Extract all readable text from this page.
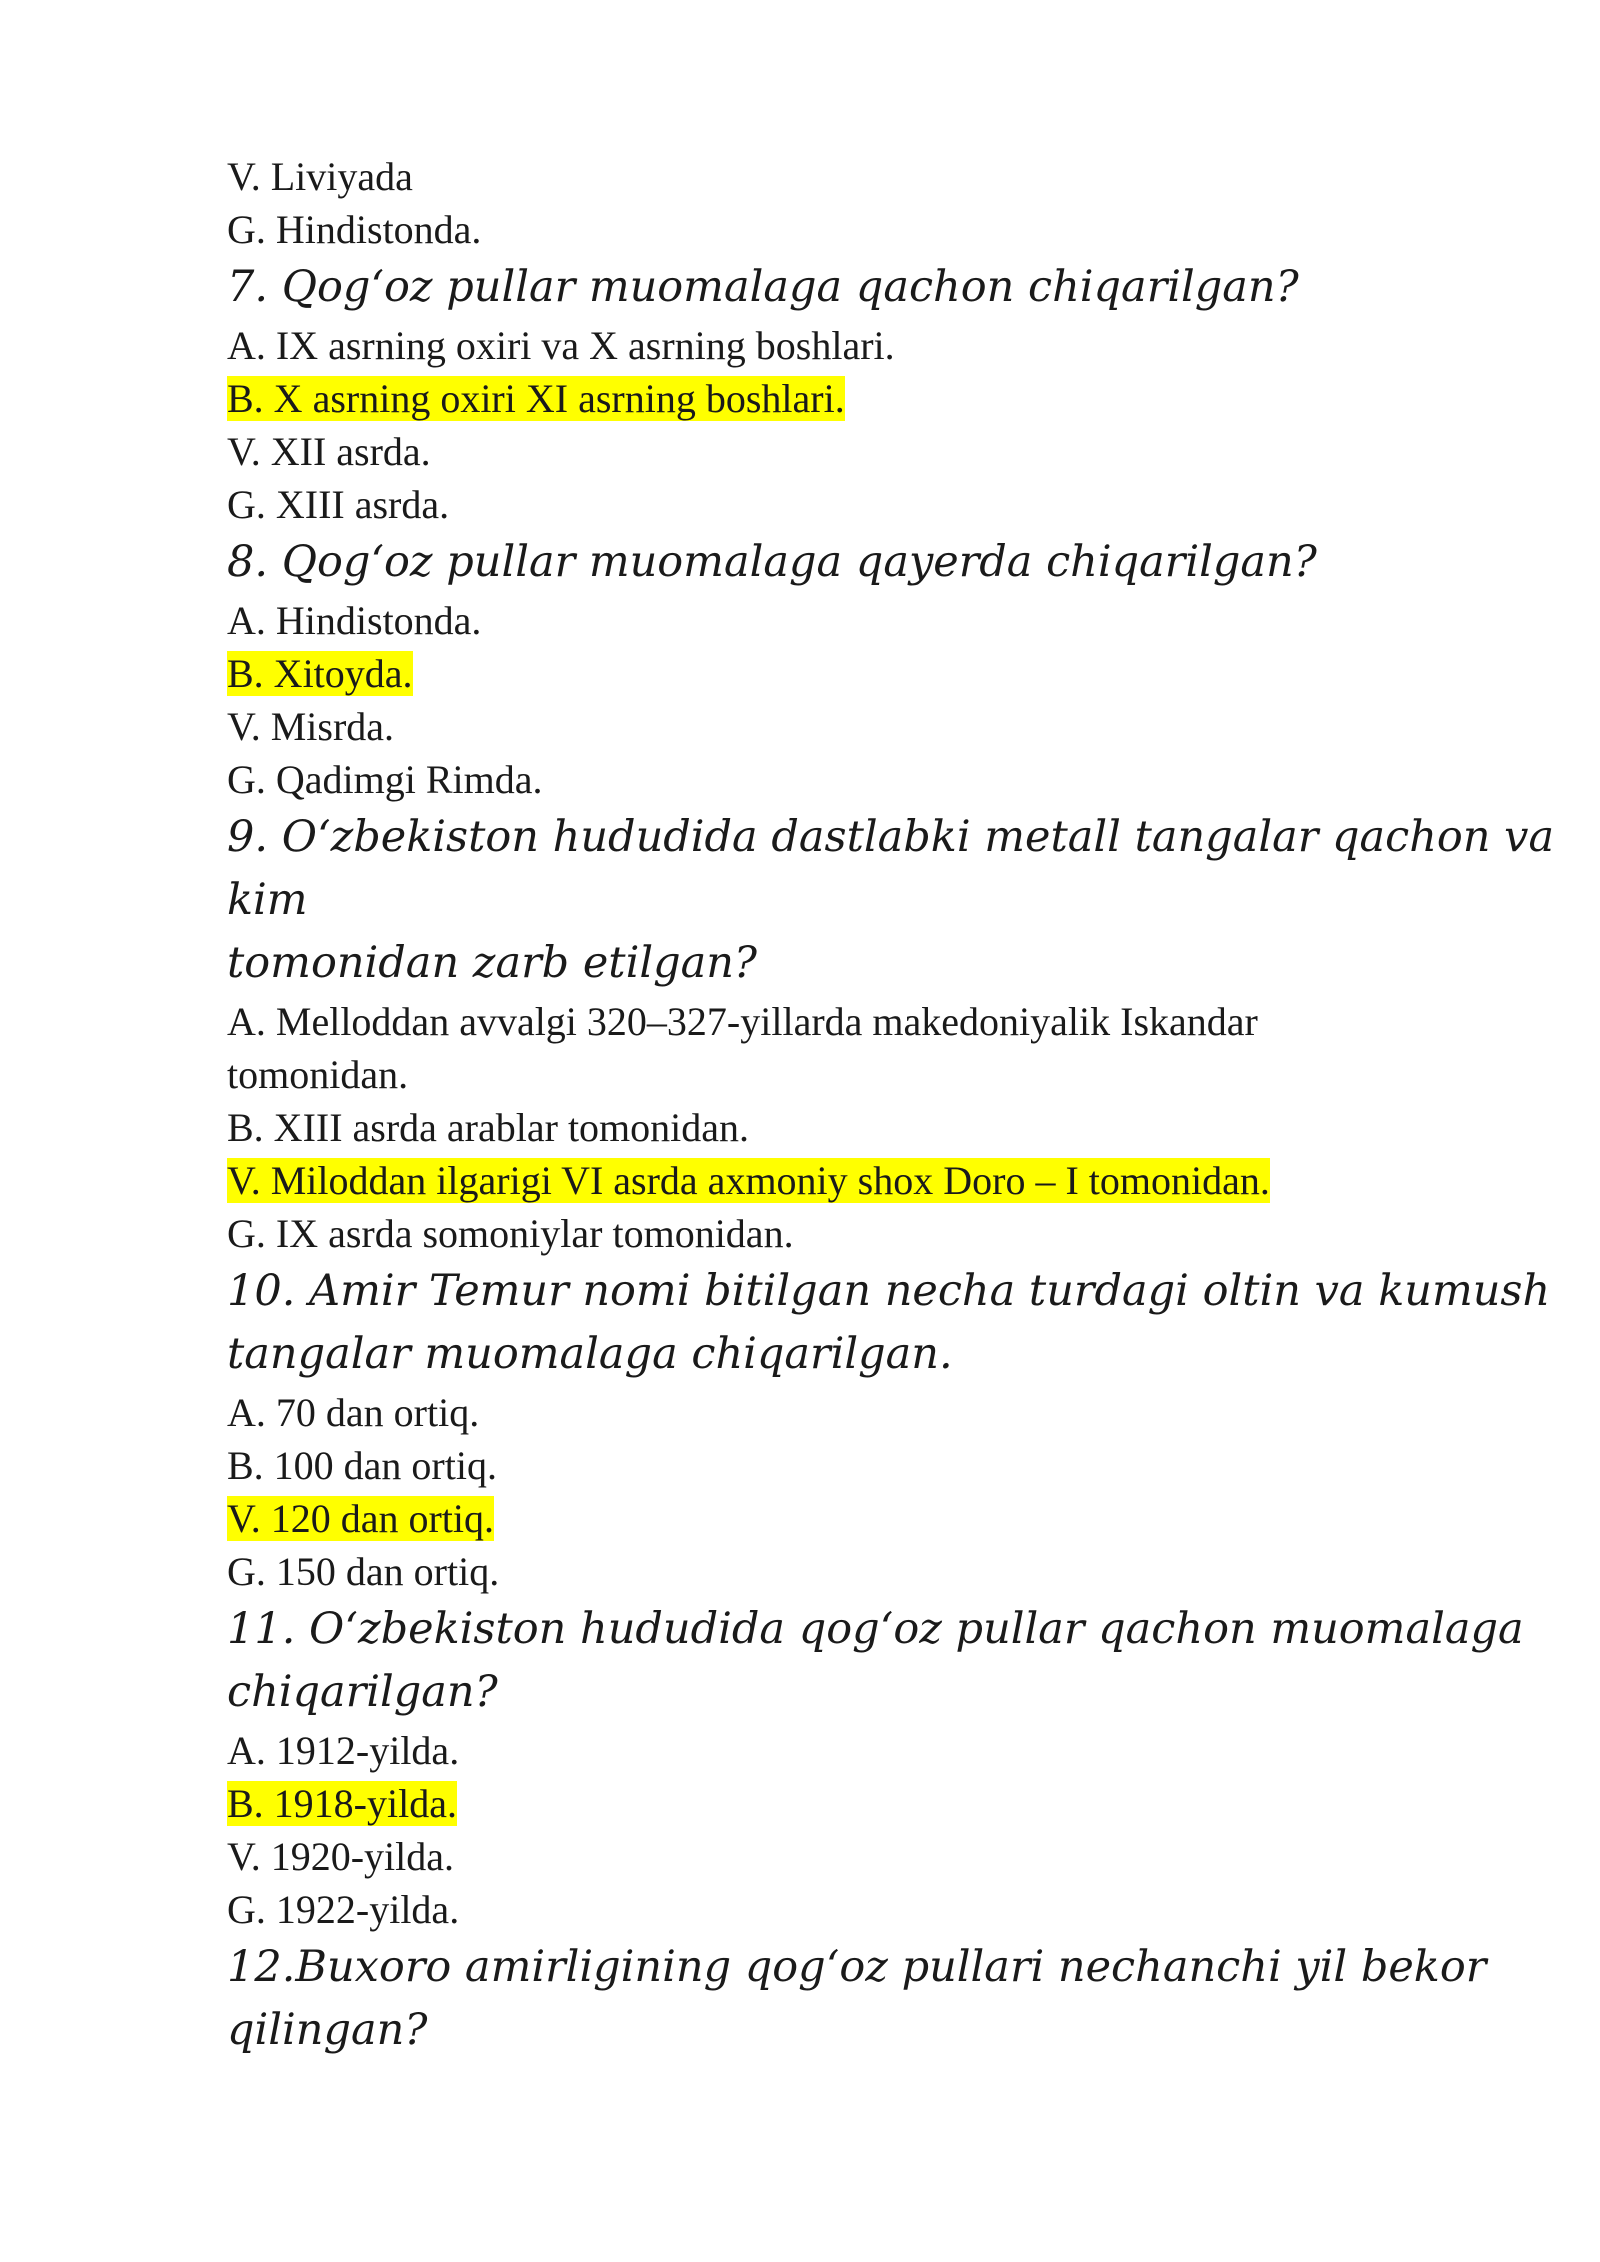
V. Liviyada
G. Hindistonda.
7. Qog‘oz pullar muomalaga qachon chiqarilgan?
A. IX asrning oxiri va X asrning boshlari.
B. X asrning oxiri XI asrning boshlari.
V. XII asrda.
G. XIII asrda.
8. Qog‘oz pullar muomalaga qayerda chiqarilgan?
A. Hindistonda.
B. Xitoyda.
V. Misrda.
G. Qadimgi Rimda.
9. O‘zbekiston hududida dastlabki metall tangalar qachon va
kim
tomonidan zarb etilgan?
A. Melloddan avvalgi 320–327-yillarda makedoniyalik Iskandar
tomonidan.
B. XIII asrda arablar tomonidan.
V. Miloddan ilgarigi VI asrda axmoniy shox Doro – I tomonidan.
G. IX asrda somoniylar tomonidan.
10. Amir Temur nomi bitilgan necha turdagi oltin va kumush
tangalar muomalaga chiqarilgan.
A. 70 dan ortiq.
B. 100 dan ortiq.
V. 120 dan ortiq.
G. 150 dan ortiq.
11. O‘zbekiston hududida qog‘oz pullar qachon muomalaga
chiqarilgan?
A. 1912-yilda.
B. 1918-yilda.
V. 1920-yilda.
G. 1922-yilda.
12.Buxoro amirligining qog‘oz pullari nechanchi yil bekor
qilingan?
